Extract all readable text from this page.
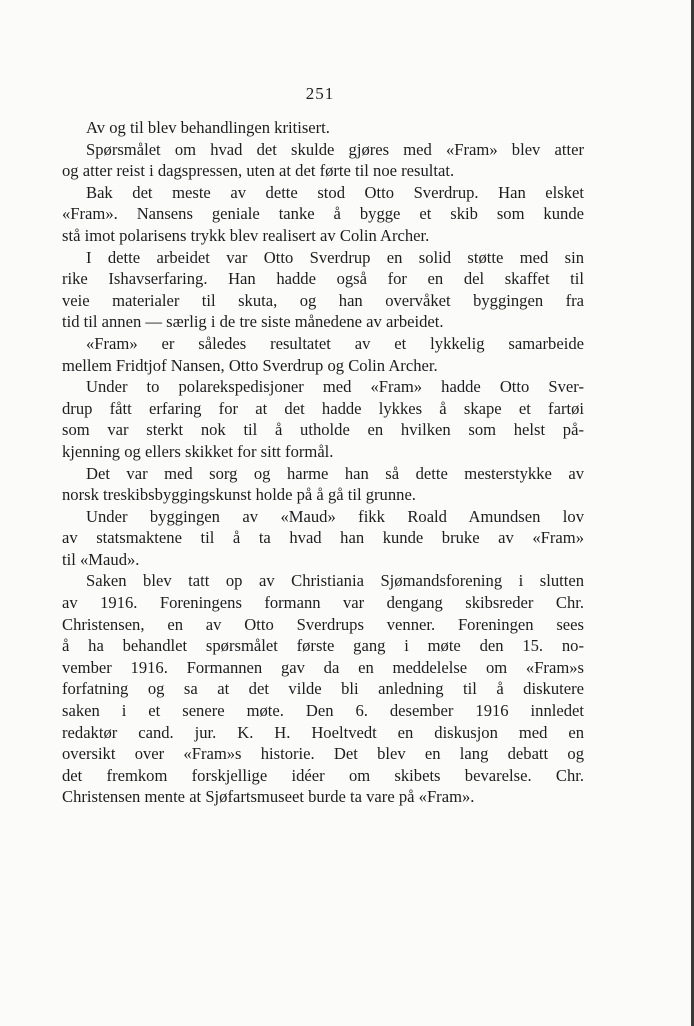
251
Av og til blev behandlingen kritisert.
Spørsmålet om hvad det skulde gjøres med «Fram» blev atter
og atter reist i dagspressen, uten at det førte til noe resultat.
Bak det meste av dette stod Otto Sverdrup. Han elsket
«Fram». Nansens geniale tanke å bygge et skib som kunde
stå imot polarisens trykk blev realisert av Colin Archer.
I dette arbeidet var Otto Sverdrup en solid støtte med sin
rike Ishavserfaring. Han hadde også for en del skaffet til
veie materialer til skuta, og han overvåket byggingen fra
tid til annen — særlig i de tre siste månedene av arbeidet.
«Fram» er således resultatet av et lykkelig samarbeide
mellem Fridtjof Nansen, Otto Sverdrup og Colin Archer.
Under to polarekspedisjoner med «Fram» hadde Otto Sver-
drup fått erfaring for at det hadde lykkes å skape et fartøi
som var sterkt nok til å utholde en hvilken som helst på-
kjenning og ellers skikket for sitt formål.
Det var med sorg og harme han så dette mesterstykke av
norsk treskibsbyggingskunst holde på å gå til grunne.
Under byggingen av «Maud» fikk Roald Amundsen lov
av statsmaktene til å ta hvad han kunde bruke av «Fram»
til «Maud».
Saken blev tatt op av Christiania Sjømandsforening i slutten
av 1916. Foreningens formann var dengang skibsreder Chr.
Christensen, en av Otto Sverdrups venner. Foreningen sees
å ha behandlet spørsmålet første gang i møte den 15. no-
vember 1916. Formannen gav da en meddelelse om «Fram»s
forfatning og sa at det vilde bli anledning til å diskutere
saken i et senere møte. Den 6. desember 1916 innledet
redaktør cand. jur. K. H. Hoeltvedt en diskusjon med en
oversikt over «Fram»s historie. Det blev en lang debatt og
det fremkom forskjellige idéer om skibets bevarelse. Chr.
Christensen mente at Sjøfartsmuseet burde ta vare på «Fram».
